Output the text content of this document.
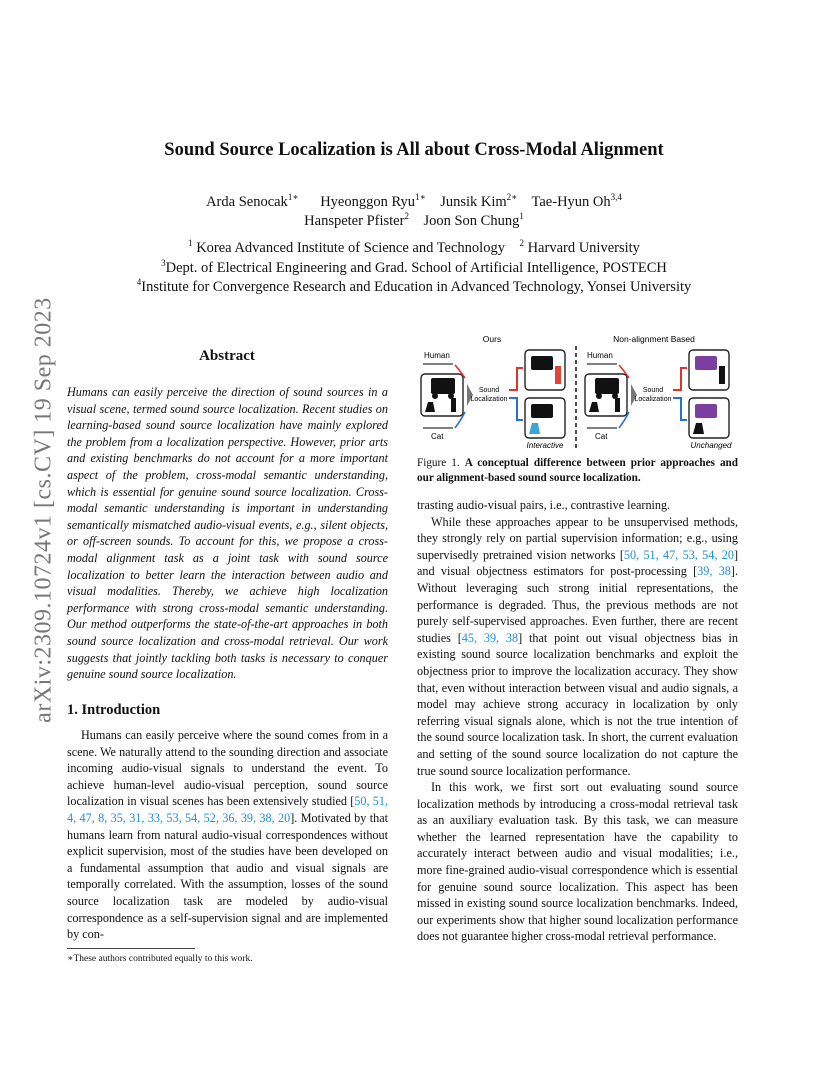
arXiv:2309.10724v1 [cs.CV] 19 Sep 2023
Sound Source Localization is All about Cross-Modal Alignment
Arda Senocak$^{1∗}$ Hyeonggon Ryu$^{1∗}$ Junsik Kim$^{2∗}$ Tae-Hyun Oh$^{3,4}$
Hanspeter Pfister$^2$ Joon Son Chung$^1$
$^1$ Korea Advanced Institute of Science and Technology $^2$ Harvard University
$^3$Dept. of Electrical Engineering and Grad. School of Artificial Intelligence, POSTECH
$^4$Institute for Convergence Research and Education in Advanced Technology, Yonsei University
Abstract
Humans can easily perceive the direction of sound sources in a visual scene, termed sound source localization. Recent studies on learning-based sound source localization have mainly explored the problem from a localization perspective. However, prior arts and existing benchmarks do not account for a more important aspect of the problem, cross-modal semantic understanding, which is essential for genuine sound source localization. Cross-modal semantic understanding is important in understanding semantically mismatched audio-visual events, e.g., silent objects, or off-screen sounds. To account for this, we propose a cross-modal alignment task as a joint task with sound source localization to better learn the interaction between audio and visual modalities. Thereby, we achieve high localization performance with strong cross-modal semantic understanding. Our method outperforms the state-of-the-art approaches in both sound source localization and cross-modal retrieval. Our work suggests that jointly tackling both tasks is necessary to conquer genuine sound source localization.
1. Introduction

Humans can easily perceive where the sound comes from in a scene. We naturally attend to the sounding direction and associate incoming audio-visual signals to understand the event. To achieve human-level audio-visual perception, sound source localization in visual scenes has been extensively studied [50, 51, 4, 47, 8, 35, 31, 33, 53, 54, 52, 36, 39, 38, 20]. Motivated by that humans learn from natural audio-visual correspondences without explicit supervision, most of the studies have been developed on a fundamental assumption that audio and visual signals are temporally correlated. With the assumption, losses of the sound source localization task are modeled by audio-visual correspondence as a self-supervision signal and are implemented by con-

∗These authors contributed equally to this work.
Ours	Non-alignment Based
Human
Cat
Sound Localization
Interactive
Human
Cat
Sound Localization
Unchanged
Figure 1. A conceptual difference between prior approaches and our alignment-based sound source localization.

trasting audio-visual pairs, i.e., contrastive learning.

While these approaches appear to be unsupervised methods, they strongly rely on partial supervision information; e.g., using supervisedly pretrained vision networks [50, 51, 47, 53, 54, 20] and visual objectness estimators for post-processing [39, 38]. Without leveraging such strong initial representations, the performance is degraded. Thus, the previous methods are not purely self-supervised approaches. Even further, there are recent studies [45, 39, 38] that point out visual objectness bias in existing sound source localization benchmarks and exploit the objectness prior to improve the localization accuracy. They show that, even without interaction between visual and audio signals, a model may achieve strong accuracy in localization by only referring visual signals alone, which is not the true intention of the sound source localization task. In short, the current evaluation and setting of the sound source localization do not capture the true sound source localization performance.

In this work, we first sort out evaluating sound source localization methods by introducing a cross-modal retrieval task as an auxiliary evaluation task. By this task, we can measure whether the learned representation have the capability to accurately interact between audio and visual modalities; i.e., more fine-grained audio-visual correspondence which is essential for genuine sound source localization. This aspect has been missed in existing sound source localization benchmarks. Indeed, our experiments show that higher sound localization performance does not guarantee higher cross-modal retrieval performance.
